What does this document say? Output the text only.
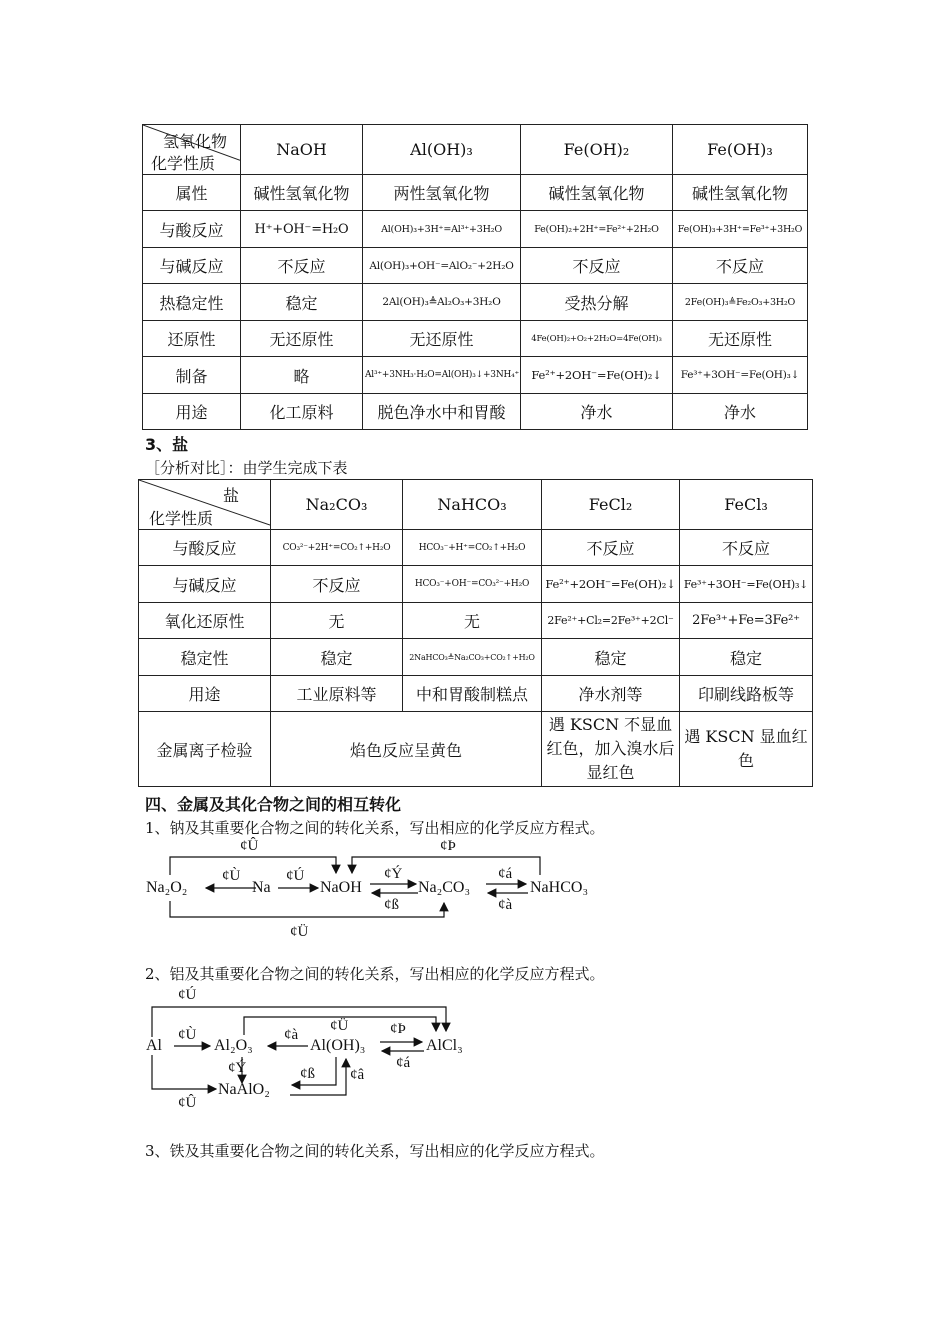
氢氧化物
化学性质	NaOH	Al(OH)₃	Fe(OH)₂	Fe(OH)₃
属性	碱性氢氧化物	两性氢氧化物	碱性氢氧化物	碱性氢氧化物
与酸反应	H⁺+OH⁻=H₂O	Al(OH)₃+3H⁺=Al³⁺+3H₂O	Fe(OH)₂+2H⁺=Fe²⁺+2H₂O	Fe(OH)₃+3H⁺=Fe³⁺+3H₂O
与碱反应	不反应	Al(OH)₃+OH⁻=AlO₂⁻+2H₂O	不反应	不反应
热稳定性	稳定	2Al(OH)₃≜Al₂O₃+3H₂O	受热分解	2Fe(OH)₃≜Fe₂O₃+3H₂O
还原性	无还原性	无还原性	4Fe(OH)₂+O₂+2H₂O=4Fe(OH)₃	无还原性
制备	略	Al³⁺+3NH₃·H₂O=Al(OH)₃↓+3NH₄⁺	Fe²⁺+2OH⁻=Fe(OH)₂↓	Fe³⁺+3OH⁻=Fe(OH)₃↓
用途	化工原料	脱色净水中和胃酸	净水	净水
3、盐
［分析对比］：由学生完成下表
盐
化学性质	Na₂CO₃	NaHCO₃	FeCl₂	FeCl₃
与酸反应	CO₃²⁻+2H⁺=CO₂↑+H₂O	HCO₃⁻+H⁺=CO₂↑+H₂O	不反应	不反应
与碱反应	不反应	HCO₃⁻+OH⁻=CO₃²⁻+H₂O	Fe²⁺+2OH⁻=Fe(OH)₂↓	Fe³⁺+3OH⁻=Fe(OH)₃↓
氧化还原性	无	无	2Fe²⁺+Cl₂=2Fe³⁺+2Cl⁻	2Fe³⁺+Fe=3Fe²⁺
稳定性	稳定	2NaHCO₃≜Na₂CO₃+CO₂↑+H₂O	稳定	稳定
用途	工业原料等	中和胃酸制糕点	净水剂等	印刷线路板等
金属离子检验	焰色反应呈黄色		遇 KSCN 不显血红色，加入溴水后显红色	遇 KSCN 显血红色
四、金属及其化合物之间的相互转化
1、钠及其重要化合物之间的转化关系，写出相应的化学反应方程式。
Na₂O₂	Na	NaOH	Na₂CO₃	NaHCO₃
¢Û	¢Þ
¢Ù	¢Ú	¢Ý
¢ß
¢á
¢à
¢Ü
2、铝及其重要化合物之间的转化关系，写出相应的化学反应方程式。
Al	Al₂O₃	Al(OH)₃	AlCl₃
NaAlO₂
¢Ú
¢Ù	¢à
¢Ü	¢Þ
¢á
¢Ý	¢ß ¢â
¢Û
3、铁及其重要化合物之间的转化关系，写出相应的化学反应方程式。
